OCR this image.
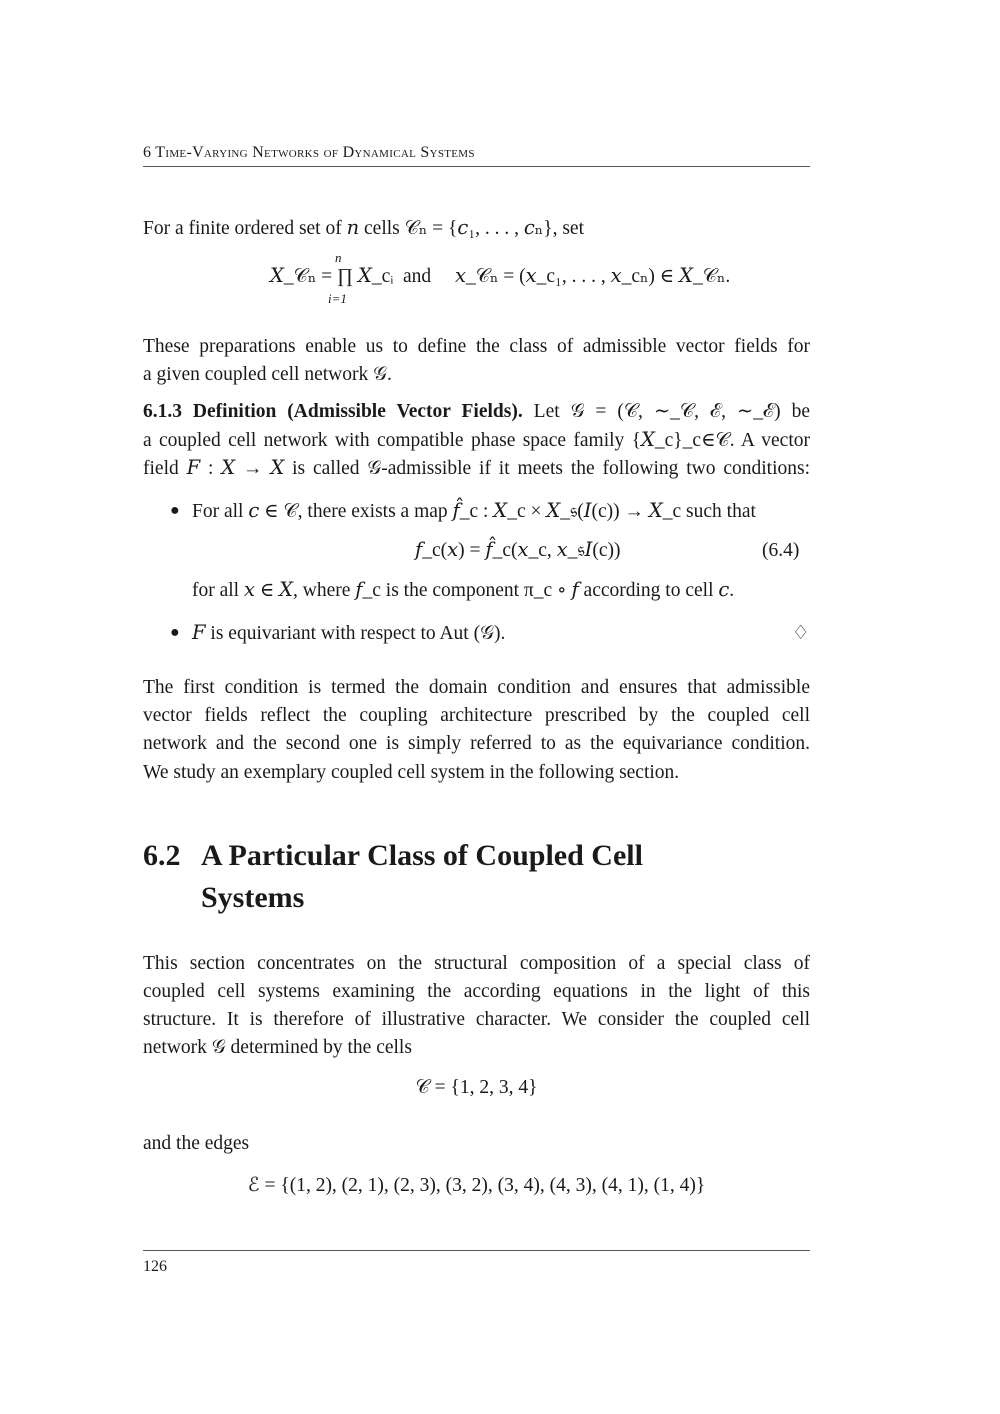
6 Time-Varying Networks of Dynamical Systems
For a finite ordered set of 𝑛 cells 𝒞ₙ = {𝑐₁, . . . , 𝑐ₙ}, set
n
𝑋_𝒞ₙ = ∏ 𝑋_cᵢ
i=1
and 𝑥_𝒞ₙ = (𝑥_c₁, . . . , 𝑥_cₙ) ∈ 𝑋_𝒞ₙ.
These preparations enable us to define the class of admissible vector fields for
a given coupled cell network 𝒢.
6.1.3 Definition (Admissible Vector Fields). Let 𝒢 = (𝒞, ∼_𝒞, ℰ, ∼_ℰ) be
a coupled cell network with compatible phase space family {𝑋_c}_c∈𝒞. A vector
field 𝐹 : 𝑋 → 𝑋 is called 𝒢-admissible if it meets the following two conditions:
● For all 𝑐 ∈ 𝒞, there exists a map 𝑓̂_c : 𝑋_c × 𝑋_𝔰(𝐼(c)) → 𝑋_c such that
𝑓_c(𝑥) = 𝑓̂_c(𝑥_c, 𝑥_𝔰𝐼(c))	(6.4)
for all 𝑥 ∈ 𝑋, where 𝑓_c is the component π_c ∘ 𝑓 according to cell 𝑐.
● 𝐹 is equivariant with respect to Aut (𝒢).	♢
The first condition is termed the domain condition and ensures that admissible
vector fields reflect the coupling architecture prescribed by the coupled cell
network and the second one is simply referred to as the equivariance condition.
We study an exemplary coupled cell system in the following section.
6.2 A Particular Class of Coupled Cell
Systems
This section concentrates on the structural composition of a special class of
coupled cell systems examining the according equations in the light of this
structure. It is therefore of illustrative character. We consider the coupled cell
network 𝒢 determined by the cells
𝒞 = {1, 2, 3, 4}
and the edges
ℰ = {(1, 2), (2, 1), (2, 3), (3, 2), (3, 4), (4, 3), (4, 1), (1, 4)}
126
